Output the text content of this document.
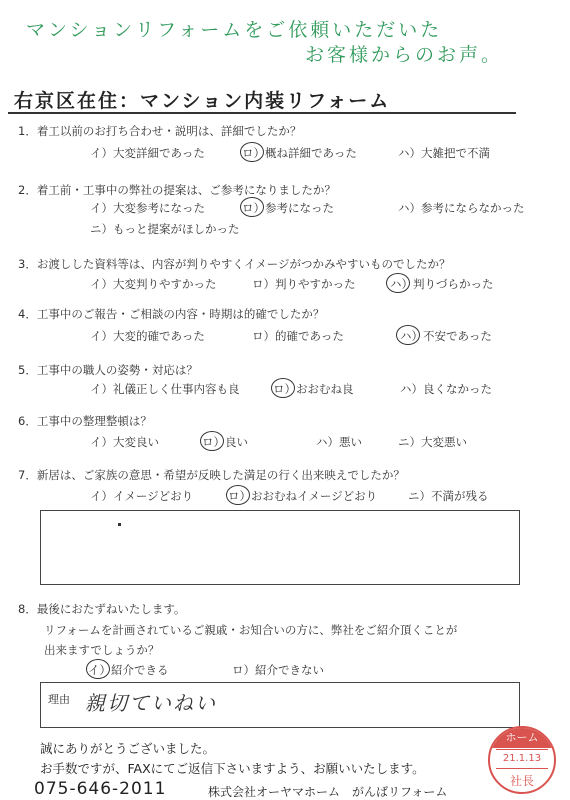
マンションリフォームをご依頼いただいた
お客様からのお声。
右京区在住：マンション内装リフォーム
1．着工以前のお打ち合わせ・説明は、詳細でしたか？
イ）大変詳細であった	ロ）概ね詳細であった	ハ）大雑把で不満
2．着工前・工事中の弊社の提案は、ご参考になりましたか？
イ）大変参考になった	ロ）参考になった	ハ）参考にならなかった
ニ）もっと提案がほしかった
3．お渡しした資料等は、内容が判りやすくイメージがつかみやすいものでしたか？
イ）大変判りやすかった	ロ）判りやすかった	ハ）判りづらかった
4．工事中のご報告・ご相談の内容・時期は的確でしたか？
イ）大変的確であった	ロ）的確であった	ハ）不安であった
5．工事中の職人の姿勢・対応は？
イ）礼儀正しく仕事内容も良	ロ）おおむね良	ハ）良くなかった
6．工事中の整理整頓は？
イ）大変良い	ロ）良い	ハ）悪い	ニ）大変悪い
7．新居は、ご家族の意思・希望が反映した満足の行く出来映えでしたか？
イ）イメージどおり	ロ）おおむねイメージどおり	ニ）不満が残る
8．最後におたずねいたします。
リフォームを計画されているご親戚・お知合いの方に、弊社をご紹介頂くことが
出来ますでしょうか？
イ）紹介できる	ロ）紹介できない
理由 親切ていねい
誠にありがとうございました。
お手数ですが、FAXにてご返信下さいますよう、お願いいたします。
075-646-2011	株式会社オーヤマホーム　がんばリフォーム
ホーム
21.1.13
社長
